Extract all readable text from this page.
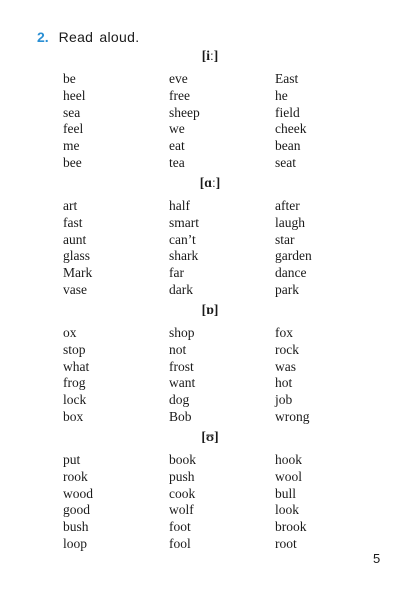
2. Read aloud.
[iː]
be
heel
sea
feel
me
bee
eve
free
sheep
we
eat
tea
East
he
field
cheek
bean
seat
[ɑː]
art
fast
aunt
glass
Mark
vase
half
smart
can’t
shark
far
dark
after
laugh
star
garden
dance
park
[ɒ]
ox
stop
what
frog
lock
box
shop
not
frost
want
dog
Bob
fox
rock
was
hot
job
wrong
[ʊ]
put
rook
wood
good
bush
loop
book
push
cook
wolf
foot
fool
hook
wool
bull
look
brook
root
5
